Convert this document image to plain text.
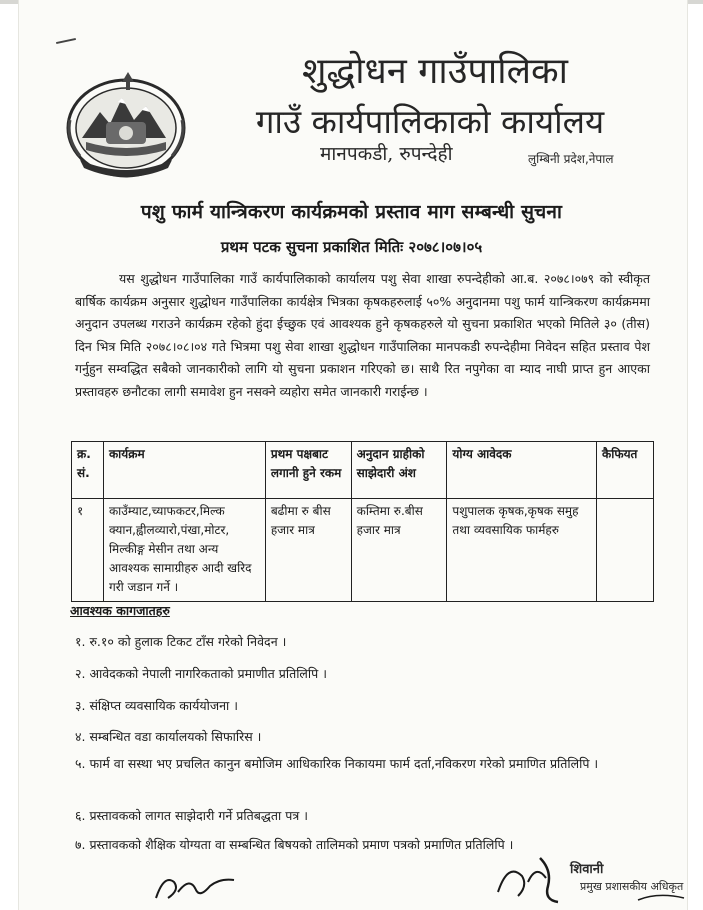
शुद्धोधन गाउँपालिका
गाउँ कार्यपालिकाको कार्यालय
मानपकडी, रुपन्देही	लुम्बिनी प्रदेश,नेपाल
पशु फार्म यान्त्रिकरण कार्यक्रमको प्रस्ताव माग सम्बन्धी सुचना
प्रथम पटक सुचना प्रकाशित मितिः २०७८।०७।०५
यस शुद्धोधन गाउँपालिका गाउँ कार्यपालिकाको कार्यालय पशु सेवा शाखा रुपन्देहीको आ.ब. २०७८।०७९ को स्वीकृत बार्षिक कार्यक्रम अनुसार शुद्धोधन गाउँपालिका कार्यक्षेत्र भित्रका कृषकहरुलाई ५०% अनुदानमा पशु फार्म यान्त्रिकरण कार्यक्रममा अनुदान उपलब्ध गराउने कार्यक्रम रहेको हुंदा ईच्छुक एवं आवश्यक हुने कृषकहरुले यो सुचना प्रकाशित भएको मितिले ३० (तीस) दिन भित्र मिति २०७८।०८।०४ गते भित्रमा पशु सेवा शाखा शुद्धोधन गाउँपालिका मानपकडी रुपन्देहीमा निवेदन सहित प्रस्ताव पेश गर्नुहुन सम्वद्धित सबैको जानकारीको लागि यो सुचना प्रकाशन गरिएको छ। साथै रित नपुगेका वा म्याद नाघी प्राप्त हुन आएका प्रस्तावहरु छनौटका लागी समावेश हुन नसक्ने व्यहोरा समेत जानकारी गराईन्छ ।
क्र. सं.	कार्यक्रम	प्रथम पक्षबाट लगानी हुने रकम	अनुदान ग्राहीको साझेदारी अंश	योग्य आवेदक	कैफियत
१	काउँम्याट,च्याफकटर,मिल्क क्यान,ह्वीलव्यारो,पंखा,मोटर, मिल्कीङ्ग मेसीन तथा अन्य आवश्यक सामाग्रीहरु आदी खरिद गरी जडान गर्ने ।	बढीमा रु बीस हजार मात्र	कम्तिमा रु.बीस हजार मात्र	पशुपालक कृषक,कृषक समुह तथा व्यवसायिक फार्महरु	
आवश्यक कागजातहरु
१. रु.१० को हुलाक टिकट टाँस गरेको निवेदन ।
२. आवेदकको नेपाली नागरिकताको प्रमाणीत प्रतिलिपि ।
३. संक्षिप्त व्यवसायिक कार्ययोजना ।
४. सम्बन्धित वडा कार्यालयको सिफारिस ।
५. फार्म वा सस्था भए प्रचलित कानुन बमोजिम आधिकारिक निकायमा फार्म दर्ता,नविकरण गरेको प्रमाणित प्रतिलिपि ।
६. प्रस्तावकको लागत साझेदारी गर्ने प्रतिबद्धता पत्र ।
७. प्रस्तावकको शैक्षिक योग्यता वा सम्बन्धित बिषयको तालिमको प्रमाण पत्रको प्रमाणित प्रतिलिपि ।
शिवानी
प्रमुख प्रशासकीय अधिकृत
